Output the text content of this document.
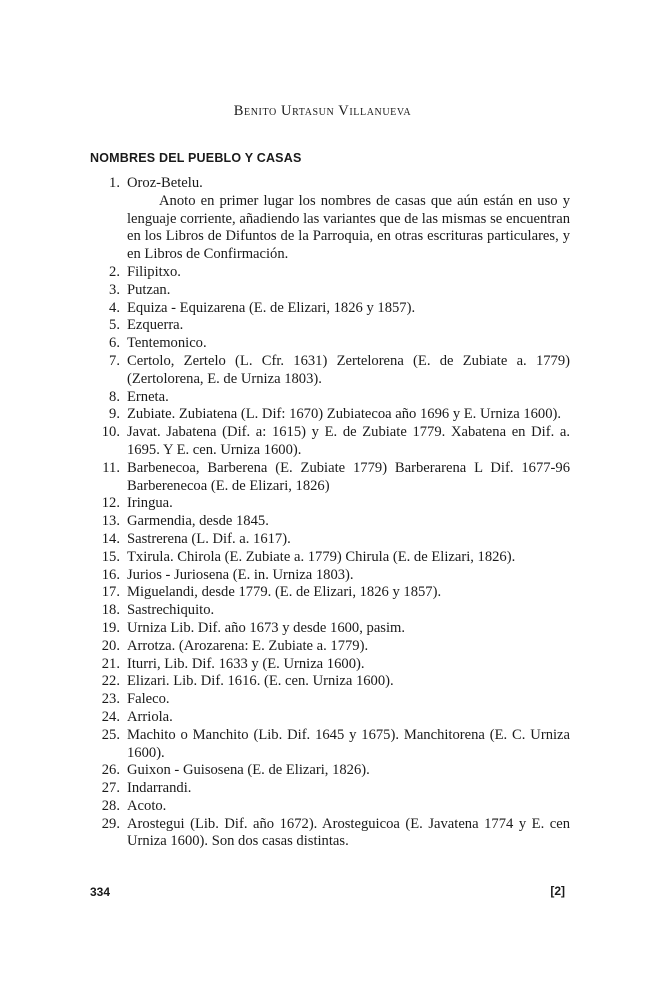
Benito Urtasun Villanueva
NOMBRES DEL PUEBLO Y CASAS
1. Oroz-Betelu.
Anoto en primer lugar los nombres de casas que aún están en uso y lenguaje corriente, añadiendo las variantes que de las mismas se encuentran en los Libros de Difuntos de la Parroquia, en otras escrituras particulares, y en Libros de Confirmación.
2. Filipitxo.
3. Putzan.
4. Equiza - Equizarena (E. de Elizari, 1826 y 1857).
5. Ezquerra.
6. Tentemonico.
7. Certolo, Zertelo (L. Cfr. 1631) Zertelorena (E. de Zubiate a. 1779) (Zertolorena, E. de Urniza 1803).
8. Erneta.
9. Zubiate. Zubiatena (L. Dif: 1670) Zubiatecoa año 1696 y E. Urniza 1600).
10. Javat. Jabatena (Dif. a: 1615) y E. de Zubiate 1779. Xabatena en Dif. a. 1695. Y E. cen. Urniza 1600).
11. Barbenecoa, Barberena (E. Zubiate 1779) Barberarena L Dif. 1677-96 Barberenecoa (E. de Elizari, 1826)
12. Iringua.
13. Garmendia, desde 1845.
14. Sastrerena (L. Dif. a. 1617).
15. Txirula. Chirola (E. Zubiate a. 1779) Chirula (E. de Elizari, 1826).
16. Jurios - Juriosena (E. in. Urniza 1803).
17. Miguelandi, desde 1779. (E. de Elizari, 1826 y 1857).
18. Sastrechiquito.
19. Urniza Lib. Dif. año 1673 y desde 1600, pasim.
20. Arrotza. (Arozarena: E. Zubiate a. 1779).
21. Iturri, Lib. Dif. 1633 y (E. Urniza 1600).
22. Elizari. Lib. Dif. 1616. (E. cen. Urniza 1600).
23. Faleco.
24. Arriola.
25. Machito o Manchito (Lib. Dif. 1645 y 1675). Manchitorena (E. C. Urniza 1600).
26. Guixon - Guisosena (E. de Elizari, 1826).
27. Indarrandi.
28. Acoto.
29. Arostegui (Lib. Dif. año 1672). Arosteguicoa (E. Javatena 1774 y E. cen Urniza 1600). Son dos casas distintas.
334	[2]
